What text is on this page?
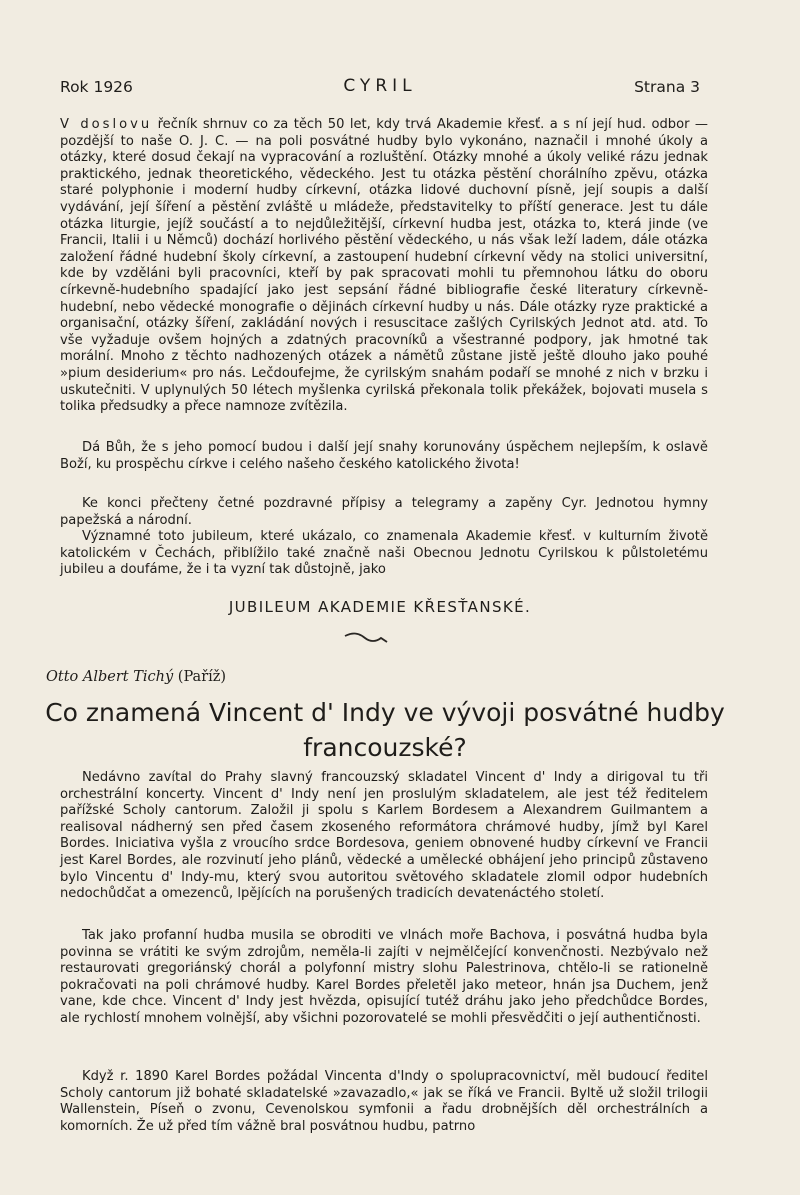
Rok 1926	CYRIL	Strana 3

V doslovu řečník shrnuv co za těch 50 let, kdy trvá Akademie křesť. a s ní její hud. odbor — pozdější to naše O. J. C. — na poli posvátné hudby bylo vykonáno, naznačil i mnohé úkoly a otázky, které dosud čekají na vypracování a rozluštění. Otázky mnohé a úkoly veliké rázu jednak praktického, jednak theoretického, vědeckého. Jest tu otázka pěstění chorálního zpěvu, otázka staré polyphonie i moderní hudby církevní, otázka lidové duchovní písně, její soupis a další vydávání, její šíření a pěstění zvláště u mládeže, představitelky to příští generace. Jest tu dále otázka liturgie, jejíž součástí a to nejdůležitější, církevní hudba jest, otázka to, která jinde (ve Francii, Italii i u Němců) dochází horlivého pěstění vědeckého, u nás však leží ladem, dále otázka založení řádné hudební školy církevní, a zastoupení hudební církevní vědy na stolici universitní, kde by vzděláni byli pracovníci, kteří by pak spracovati mohli tu přemnohou látku do oboru církevně-hudebního spadající jako jest sepsání řádné bibliografie české literatury církevně-hudební, nebo vědecké monografie o dějinách církevní hudby u nás. Dále otázky ryze praktické a organisační, otázky šíření, zakládání nových i resuscitace zašlých Cyrilských Jednot atd. atd. To vše vyžaduje ovšem hojných a zdatných pracovníků a všestranné podpory, jak hmotné tak morální. Mnoho z těchto nadhozených otázek a námětů zůstane jistě ještě dlouho jako pouhé »pium desiderium« pro nás. Lečdoufejme, že cyrilským snahám podaří se mnohé z nich v brzku i uskutečniti. V uplynulých 50 létech myšlenka cyrilská překonala tolik překážek, bojovati musela s tolika předsudky a přece namnoze zvítězila.

Dá Bůh, že s jeho pomocí budou i další její snahy korunovány úspěchem nejlepším, k oslavě Boží, ku prospěchu církve i celého našeho českého katolického života!

Ke konci přečteny četné pozdravné přípisy a telegramy a zapěny Cyr. Jednotou hymny papežská a národní.

Významné toto jubileum, které ukázalo, co znamenala Akademie křesť. v kulturním životě katolickém v Čechách, přiblížilo také značně naši Obecnou Jednotu Cyrilskou k půlstoletému jubileu a doufáme, že i ta vyzní tak důstojně, jako

JUBILEUM AKADEMIE KŘESŤANSKÉ.
Otto Albert Tichý (Paříž)
Co znamená Vincent d' Indy ve vývoji posvátné hudby
francouzské?

Nedávno zavítal do Prahy slavný francouzský skladatel Vincent d' Indy a dirigoval tu tři orchestrální koncerty. Vincent d' Indy není jen proslulým skladatelem, ale jest též ředitelem pařížské Scholy cantorum. Založil ji spolu s Karlem Bordesem a Alexandrem Guilmantem a realisoval nádherný sen před časem zkoseného reformátora chrámové hudby, jímž byl Karel Bordes. Iniciativa vyšla z vroucího srdce Bordesova, geniem obnovené hudby církevní ve Francii jest Karel Bordes, ale rozvinutí jeho plánů, vědecké a umělecké obhájení jeho principů zůstaveno bylo Vincentu d' Indy-mu, který svou autoritou světového skladatele zlomil odpor hudebních nedochůdčat a omezenců, lpějících na porušených tradicích devatenáctého století.

Tak jako profanní hudba musila se obroditi ve vlnách moře Bachova, i posvátná hudba byla povinna se vrátiti ke svým zdrojům, neměla-li zajíti v nejmělčející konvenčnosti. Nezbývalo než restaurovati gregoriánský chorál a polyfonní mistry slohu Palestrinova, chtělo-li se rationelně pokračovati na poli chrámové hudby. Karel Bordes přeletěl jako meteor, hnán jsa Duchem, jenž vane, kde chce. Vincent d' Indy jest hvězda, opisující tutéž dráhu jako jeho předchůdce Bordes, ale rychlostí mnohem volnější, aby všichni pozorovatelé se mohli přesvědčiti o její authentičnosti.

Když r. 1890 Karel Bordes požádal Vincenta d'Indy o spolupracovnictví, měl budoucí ředitel Scholy cantorum již bohaté skladatelské »zavazadlo,« jak se říká ve Francii. Byltě už složil trilogii Wallenstein, Píseň o zvonu, Cevenolskou symfonii a řadu drobnějších děl orchestrálních a komorních. Že už před tím vážně bral posvátnou hudbu, patrno
